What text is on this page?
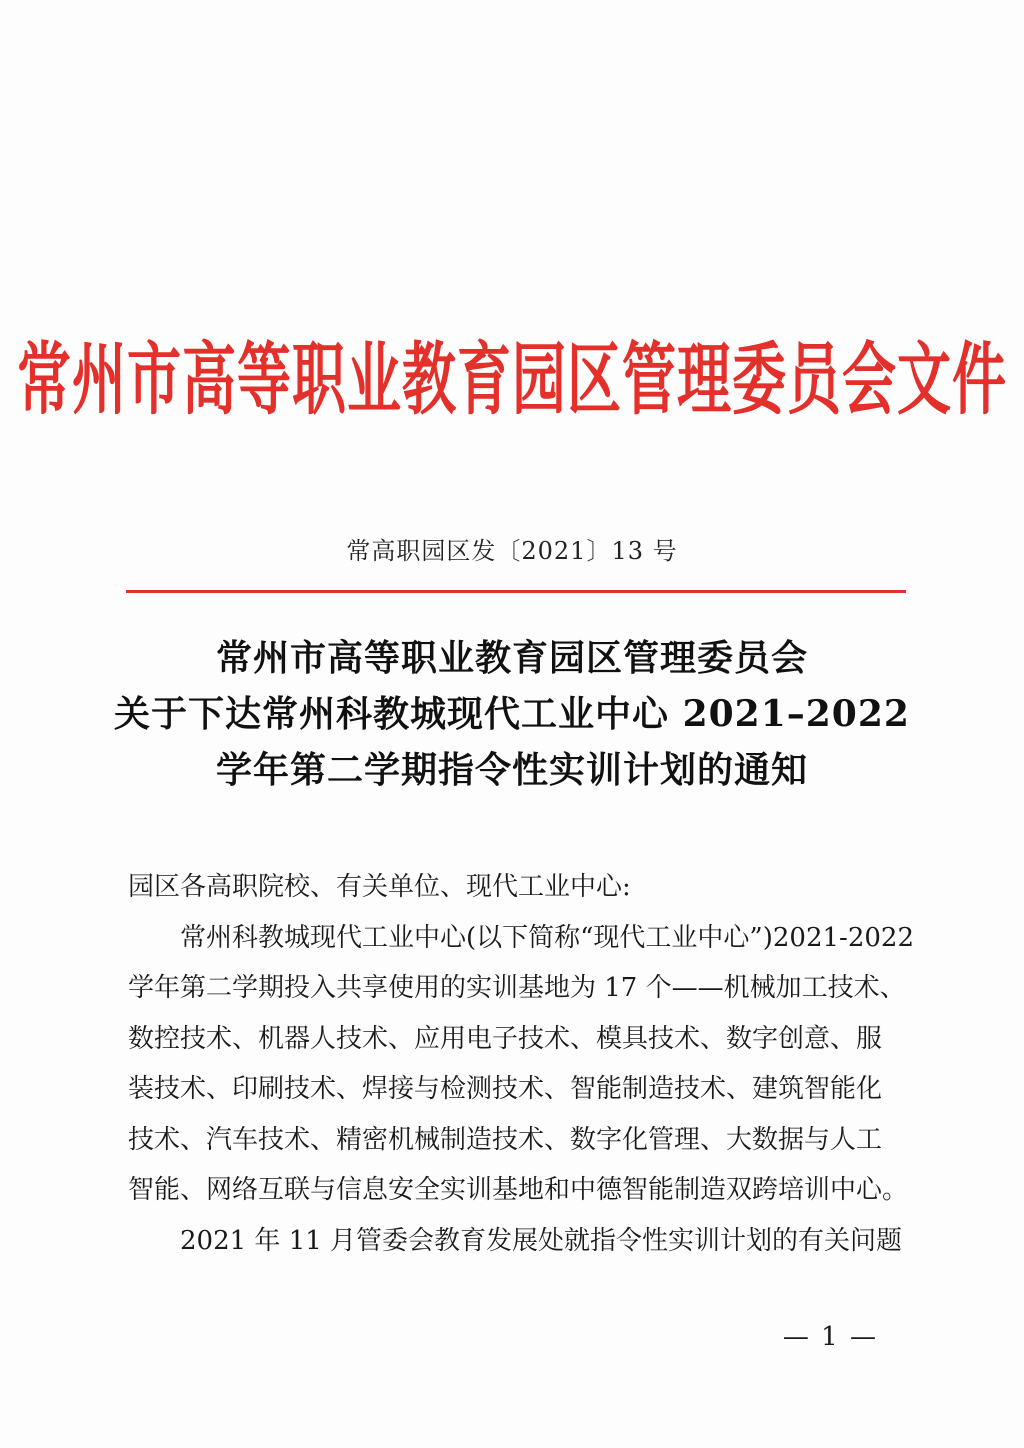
常州市高等职业教育园区管理委员会文件
常高职园区发〔2021〕13 号
常州市高等职业教育园区管理委员会
关于下达常州科教城现代工业中心 2021–2022
学年第二学期指令性实训计划的通知
园区各高职院校、有关单位、现代工业中心:
常州科教城现代工业中心(以下简称“现代工业中心”)2021-2022
学年第二学期投入共享使用的实训基地为 17 个——机械加工技术、
数控技术、机器人技术、应用电子技术、模具技术、数字创意、服
装技术、印刷技术、焊接与检测技术、智能制造技术、建筑智能化
技术、汽车技术、精密机械制造技术、数字化管理、大数据与人工
智能、网络互联与信息安全实训基地和中德智能制造双跨培训中心。
2021 年 11 月管委会教育发展处就指令性实训计划的有关问题
— 1 —
